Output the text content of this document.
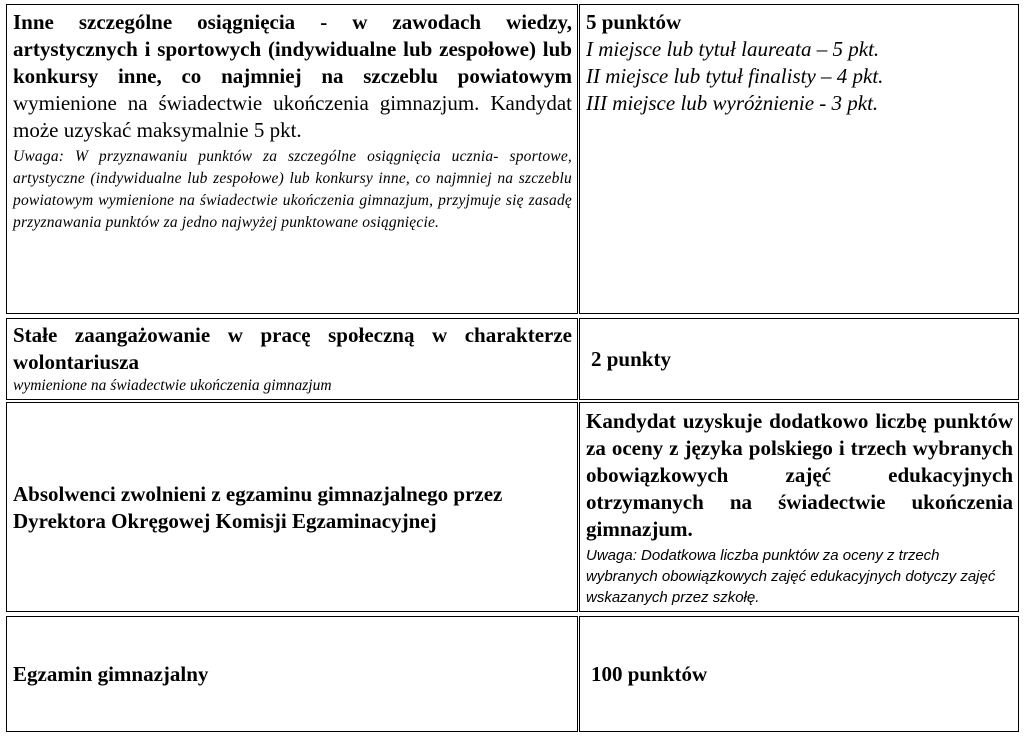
Inne szczególne osiągnięcia - w zawodach wiedzy, artystycznych i sportowych (indywidualne lub zespołowe) lub konkursy inne, co najmniej na szczeblu powiatowym wymienione na świadectwie ukończenia gimnazjum. Kandydat może uzyskać maksymalnie 5 pkt.

Uwaga: W przyznawaniu punktów za szczególne osiągnięcia ucznia- sportowe, artystyczne (indywidualne lub zespołowe) lub konkursy inne, co najmniej na szczeblu powiatowym wymienione na świadectwie ukończenia gimnazjum, przyjmuje się zasadę przyznawania punktów za jedno najwyżej punktowane osiągnięcie.

5 punktów

I miejsce lub tytuł laureata – 5 pkt.

II miejsce lub tytuł finalisty – 4 pkt.

III miejsce lub wyróżnienie - 3 pkt.

Stałe zaangażowanie w pracę społeczną w charakterze wolontariusza

wymienione na świadectwie ukończenia gimnazjum

2 punkty

Absolwenci zwolnieni z egzaminu gimnazjalnego przez Dyrektora Okręgowej Komisji Egzaminacyjnej

Kandydat uzyskuje dodatkowo liczbę punktów za oceny z języka polskiego i trzech wybranych obowiązkowych zajęć edukacyjnych otrzymanych na świadectwie ukończenia gimnazjum.

Uwaga: Dodatkowa liczba punktów za oceny z trzech wybranych obowiązkowych zajęć edukacyjnych dotyczy zajęć wskazanych przez szkołę.

Egzamin gimnazjalny	100 punktów
